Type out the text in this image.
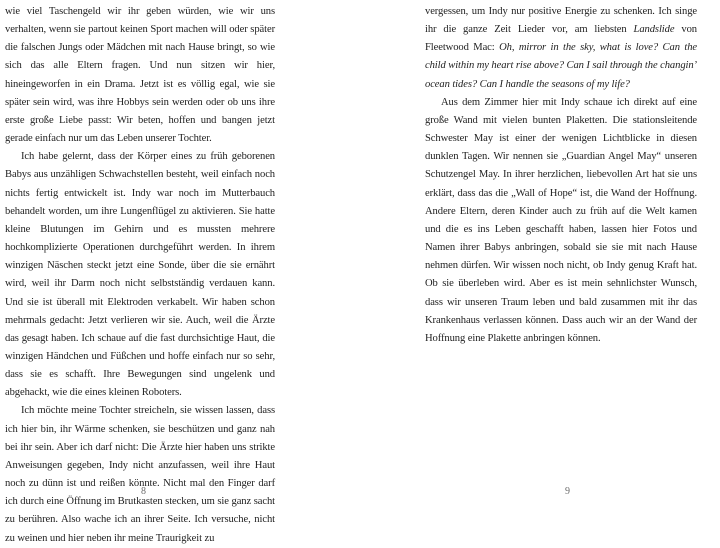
wie viel Taschengeld wir ihr geben würden, wie wir uns verhalten, wenn sie partout keinen Sport machen will oder später die falschen Jungs oder Mädchen mit nach Hause bringt, so wie sich das alle Eltern fragen. Und nun sitzen wir hier, hineingeworfen in ein Drama. Jetzt ist es völlig egal, wie sie später sein wird, was ihre Hobbys sein werden oder ob uns ihre erste große Liebe passt: Wir beten, hoffen und bangen jetzt gerade einfach nur um das Leben unserer Tochter.

Ich habe gelernt, dass der Körper eines zu früh geborenen Babys aus unzähligen Schwachstellen besteht, weil einfach noch nichts fertig entwickelt ist. Indy war noch im Mutterbauch behandelt worden, um ihre Lungenflügel zu aktivieren. Sie hatte kleine Blutungen im Gehirn und es mussten mehrere hochkomplizierte Operationen durchgeführt werden. In ihrem winzigen Näschen steckt jetzt eine Sonde, über die sie ernährt wird, weil ihr Darm noch nicht selbstständig verdauen kann. Und sie ist überall mit Elektroden verkabelt. Wir haben schon mehrmals gedacht: Jetzt verlieren wir sie. Auch, weil die Ärzte das gesagt haben. Ich schaue auf die fast durchsichtige Haut, die winzigen Händchen und Füßchen und hoffe einfach nur so sehr, dass sie es schafft. Ihre Bewegungen sind ungelenk und abgehackt, wie die eines kleinen Roboters.

Ich möchte meine Tochter streicheln, sie wissen lassen, dass ich hier bin, ihr Wärme schenken, sie beschützen und ganz nah bei ihr sein. Aber ich darf nicht: Die Ärzte hier haben uns strikte Anweisungen gegeben, Indy nicht anzufassen, weil ihre Haut noch zu dünn ist und reißen könnte. Nicht mal den Finger darf ich durch eine Öffnung im Brutkasten stecken, um sie ganz sacht zu berühren. Also wache ich an ihrer Seite. Ich versuche, nicht zu weinen und hier neben ihr meine Traurigkeit zu

8

vergessen, um Indy nur positive Energie zu schenken. Ich singe ihr die ganze Zeit Lieder vor, am liebsten Landslide von Fleetwood Mac: Oh, mirror in the sky, what is love? Can the child within my heart rise above? Can I sail through the changin’ ocean tides? Can I handle the seasons of my life?

Aus dem Zimmer hier mit Indy schaue ich direkt auf eine große Wand mit vielen bunten Plaketten. Die stationsleitende Schwester May ist einer der wenigen Lichtblicke in diesen dunklen Tagen. Wir nennen sie „Guardian Angel May“ unseren Schutzengel May. In ihrer herzlichen, liebevollen Art hat sie uns erklärt, dass das die „Wall of Hope“ ist, die Wand der Hoffnung. Andere Eltern, deren Kinder auch zu früh auf die Welt kamen und die es ins Leben geschafft haben, lassen hier Fotos und Namen ihrer Babys anbringen, sobald sie sie mit nach Hause nehmen dürfen. Wir wissen noch nicht, ob Indy genug Kraft hat. Ob sie überleben wird. Aber es ist mein sehnlichster Wunsch, dass wir unseren Traum leben und bald zusammen mit ihr das Krankenhaus verlassen können. Dass auch wir an der Wand der Hoffnung eine Plakette anbringen können.

9
